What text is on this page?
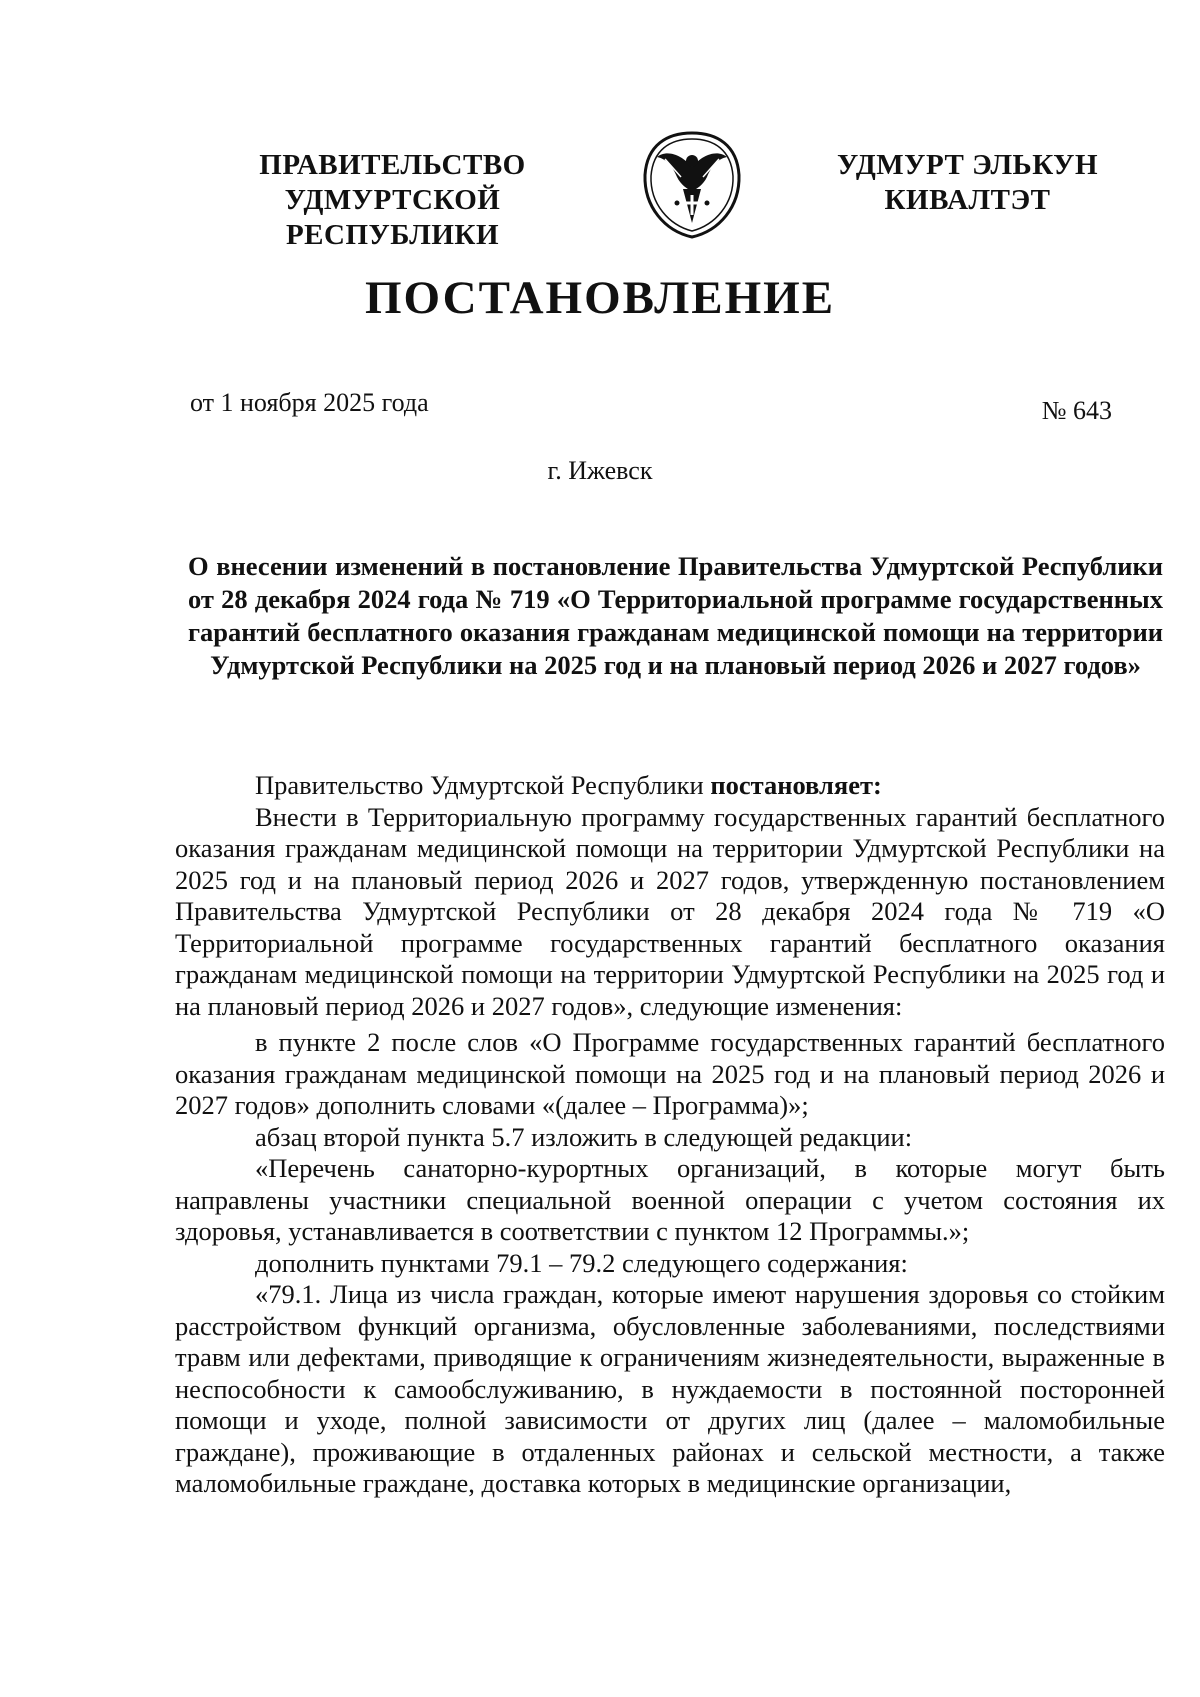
ПРАВИТЕЛЬСТВО
УДМУРТСКОЙ РЕСПУБЛИКИ
УДМУРТ ЭЛЬКУН
КИВАЛТЭТ
ПОСТАНОВЛЕНИЕ
от 1 ноября 2025 года	№ 643
г. Ижевск
О внесении изменений в постановление Правительства Удмуртской Республики от 28 декабря 2024 года № 719 «О Территориальной программе государственных гарантий бесплатного оказания гражданам медицинской помощи на территории Удмуртской Республики на 2025 год и на плановый период 2026 и 2027 годов»

Правительство Удмуртской Республики постановляет:

Внести в Территориальную программу государственных гарантий бесплатного оказания гражданам медицинской помощи на территории Удмуртской Республики на 2025 год и на плановый период 2026 и 2027 годов, утвержденную постановлением Правительства Удмуртской Республики от 28 декабря 2024 года № 719 «О Территориальной программе государственных гарантий бесплатного оказания гражданам медицинской помощи на территории Удмуртской Республики на 2025 год и на плановый период 2026 и 2027 годов», следующие изменения:

в пункте 2 после слов «О Программе государственных гарантий бесплатного оказания гражданам медицинской помощи на 2025 год и на плановый период 2026 и 2027 годов» дополнить словами «(далее – Программа)»;

абзац второй пункта 5.7 изложить в следующей редакции:

«Перечень санаторно-курортных организаций, в которые могут быть направлены участники специальной военной операции с учетом состояния их здоровья, устанавливается в соответствии с пунктом 12 Программы.»;

дополнить пунктами 79.1 – 79.2 следующего содержания:

«79.1. Лица из числа граждан, которые имеют нарушения здоровья со стойким расстройством функций организма, обусловленные заболеваниями, последствиями травм или дефектами, приводящие к ограничениям жизнедеятельности, выраженные в неспособности к самообслуживанию, в нуждаемости в постоянной посторонней помощи и уходе, полной зависимости от других лиц (далее – маломобильные граждане), проживающие в отдаленных районах и сельской местности, а также маломобильные граждане, доставка которых в медицинские организации,
